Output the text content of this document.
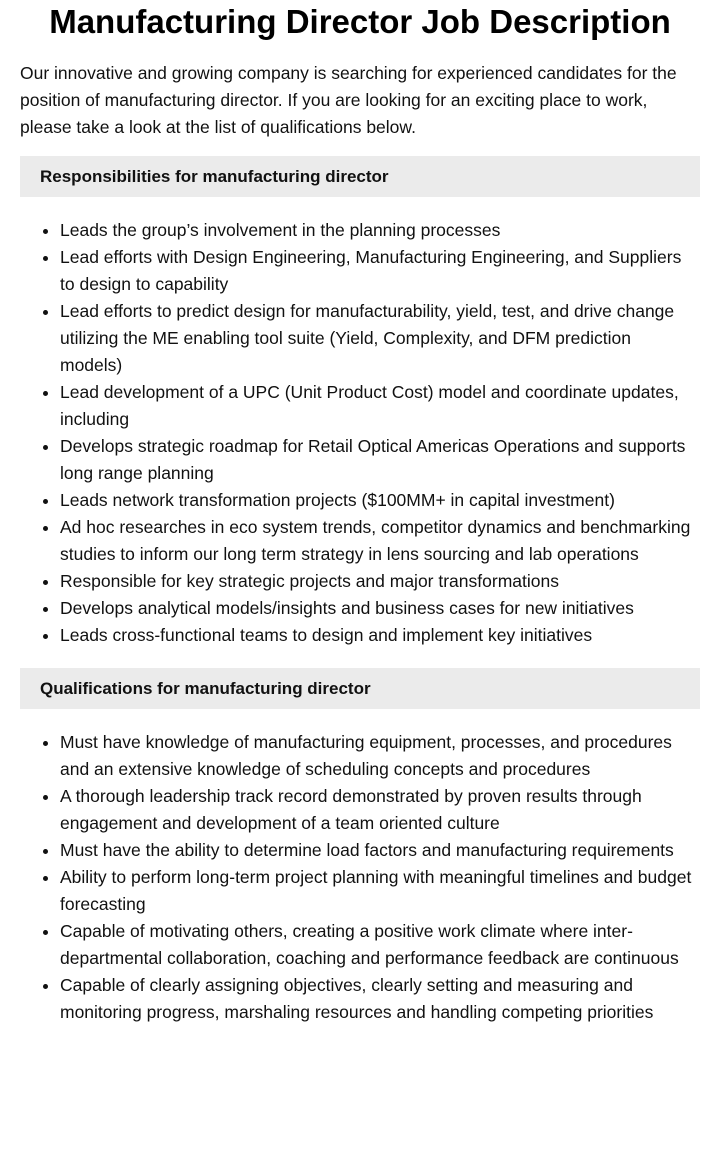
Manufacturing Director Job Description

Our innovative and growing company is searching for experienced candidates for the position of manufacturing director. If you are looking for an exciting place to work, please take a look at the list of qualifications below.

Responsibilities for manufacturing director
• Leads the group’s involvement in the planning processes
• Lead efforts with Design Engineering, Manufacturing Engineering, and Suppliers to design to capability
• Lead efforts to predict design for manufacturability, yield, test, and drive change utilizing the ME enabling tool suite (Yield, Complexity, and DFM prediction models)
• Lead development of a UPC (Unit Product Cost) model and coordinate updates, including
• Develops strategic roadmap for Retail Optical Americas Operations and supports long range planning
• Leads network transformation projects ($100MM+ in capital investment)
• Ad hoc researches in eco system trends, competitor dynamics and benchmarking studies to inform our long term strategy in lens sourcing and lab operations
• Responsible for key strategic projects and major transformations
• Develops analytical models/insights and business cases for new initiatives
• Leads cross-functional teams to design and implement key initiatives
Qualifications for manufacturing director
• Must have knowledge of manufacturing equipment, processes, and procedures and an extensive knowledge of scheduling concepts and procedures
• A thorough leadership track record demonstrated by proven results through engagement and development of a team oriented culture
• Must have the ability to determine load factors and manufacturing requirements
• Ability to perform long-term project planning with meaningful timelines and budget forecasting
• Capable of motivating others, creating a positive work climate where inter-departmental collaboration, coaching and performance feedback are continuous
• Capable of clearly assigning objectives, clearly setting and measuring and monitoring progress, marshaling resources and handling competing priorities
